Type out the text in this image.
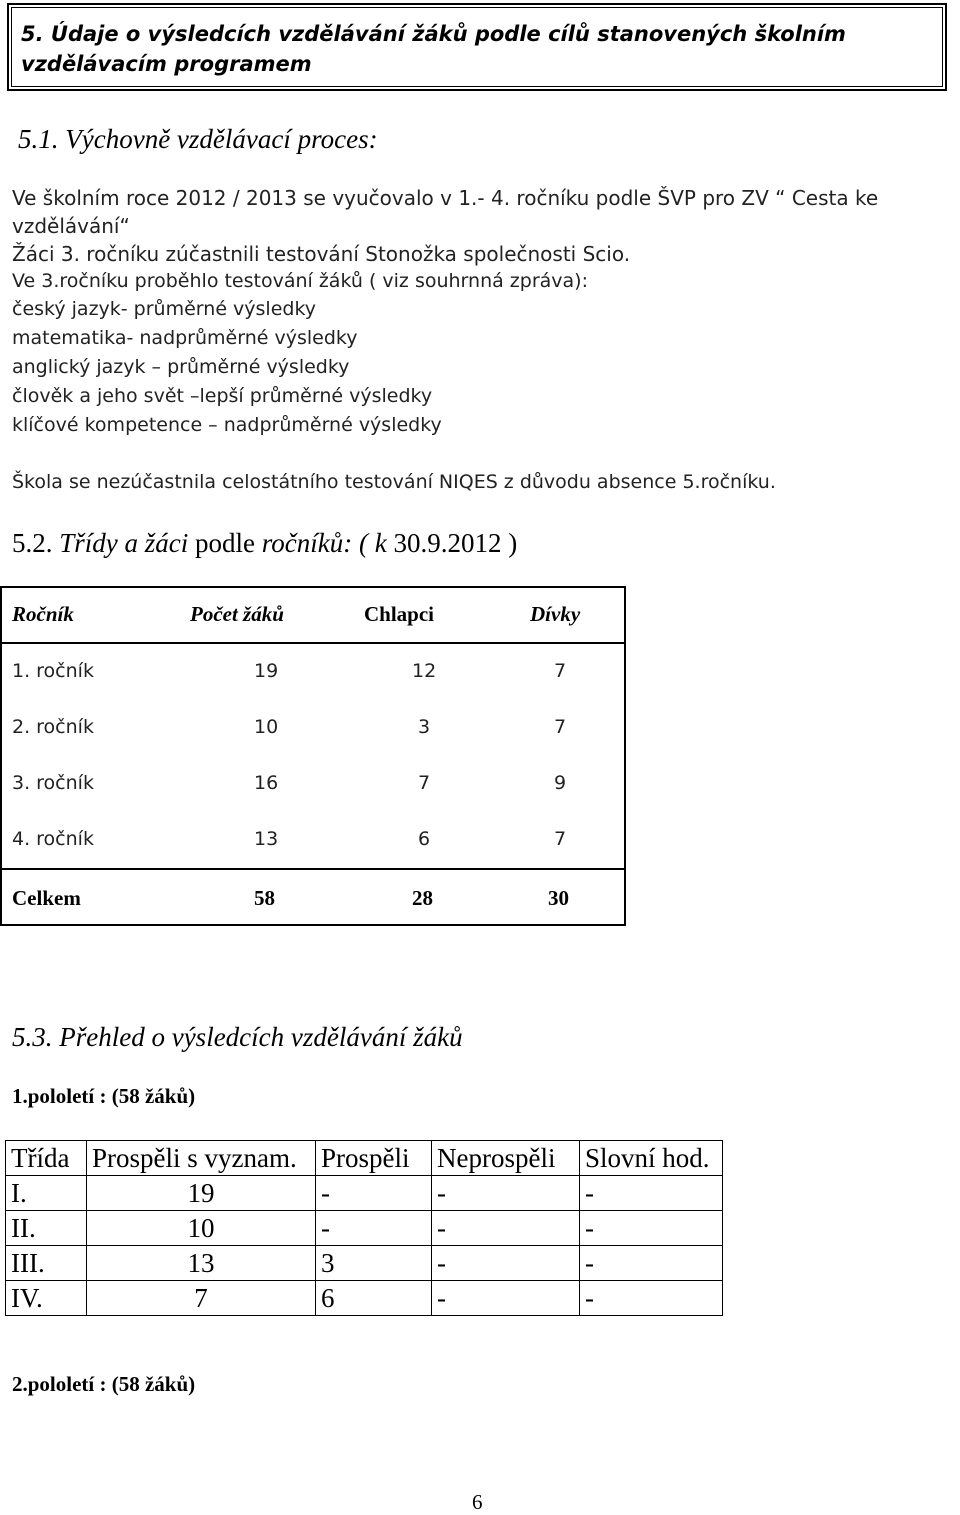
5. Údaje o výsledcích vzdělávání žáků podle cílů stanovených školním
vzdělávacím programem
5.1. Výchovně vzdělávací proces:
Ve školním roce 2012 / 2013 se vyučovalo v 1.- 4. ročníku podle ŠVP pro ZV “ Cesta ke
vzdělávání“
Žáci 3. ročníku zúčastnili testování Stonožka společnosti Scio.
Ve 3.ročníku proběhlo testování žáků ( viz souhrnná zpráva):
český jazyk- průměrné výsledky
matematika- nadprůměrné výsledky
anglický jazyk – průměrné výsledky
člověk a jeho svět –lepší průměrné výsledky
klíčové kompetence – nadprůměrné výsledky
Škola se nezúčastnila celostátního testování NIQES z důvodu absence 5.ročníku.
5.2. Třídy a žáci podle ročníků: ( k 30.9.2012 )
Ročník	Počet žáků	Chlapci	Dívky
1. ročník	19	12	7
2. ročník	10	3	7
3. ročník	16	7	9
4. ročník	13	6	7
Celkem	58	28	30
5.3. Přehled o výsledcích vzdělávání žáků
1.pololetí : (58 žáků)
Třída	Prospěli s vyznam.	Prospěli	Neprospěli	Slovní hod.
I.	19	-	-	-
II.	10	-	-	-
III.	13	3	-	-
IV.	7	6	-	-
2.pololetí : (58 žáků)
6
